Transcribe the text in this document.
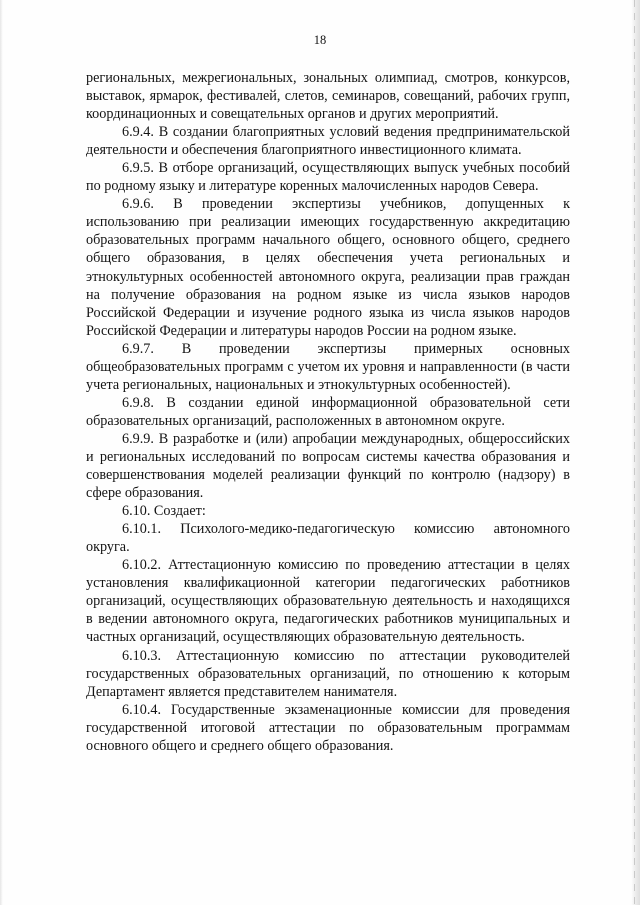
18

региональных, межрегиональных, зональных олимпиад, смотров, конкурсов, выставок, ярмарок, фестивалей, слетов, семинаров, совещаний, рабочих групп, координационных и совещательных органов и других мероприятий.

6.9.4. В создании благоприятных условий ведения предпринимательской деятельности и обеспечения благоприятного инвестиционного климата.

6.9.5. В отборе организаций, осуществляющих выпуск учебных пособий по родному языку и литературе коренных малочисленных народов Севера.

6.9.6. В проведении экспертизы учебников, допущенных к использованию при реализации имеющих государственную аккредитацию образовательных программ начального общего, основного общего, среднего общего образования, в целях обеспечения учета региональных и этнокультурных особенностей автономного округа, реализации прав граждан на получение образования на родном языке из числа языков народов Российской Федерации и изучение родного языка из числа языков народов Российской Федерации и литературы народов России на родном языке.

6.9.7. В проведении экспертизы примерных основных общеобразовательных программ с учетом их уровня и направленности (в части учета региональных, национальных и этнокультурных особенностей).

6.9.8. В создании единой информационной образовательной сети образовательных организаций, расположенных в автономном округе.

6.9.9. В разработке и (или) апробации международных, общероссийских и региональных исследований по вопросам системы качества образования и совершенствования моделей реализации функций по контролю (надзору) в сфере образования.

6.10. Создает:

6.10.1. Психолого-медико-педагогическую комиссию автономного округа.

6.10.2. Аттестационную комиссию по проведению аттестации в целях установления квалификационной категории педагогических работников организаций, осуществляющих образовательную деятельность и находящихся в ведении автономного округа, педагогических работников муниципальных и частных организаций, осуществляющих образовательную деятельность.

6.10.3. Аттестационную комиссию по аттестации руководителей государственных образовательных организаций, по отношению к которым Департамент является представителем нанимателя.

6.10.4. Государственные экзаменационные комиссии для проведения государственной итоговой аттестации по образовательным программам основного общего и среднего общего образования.
